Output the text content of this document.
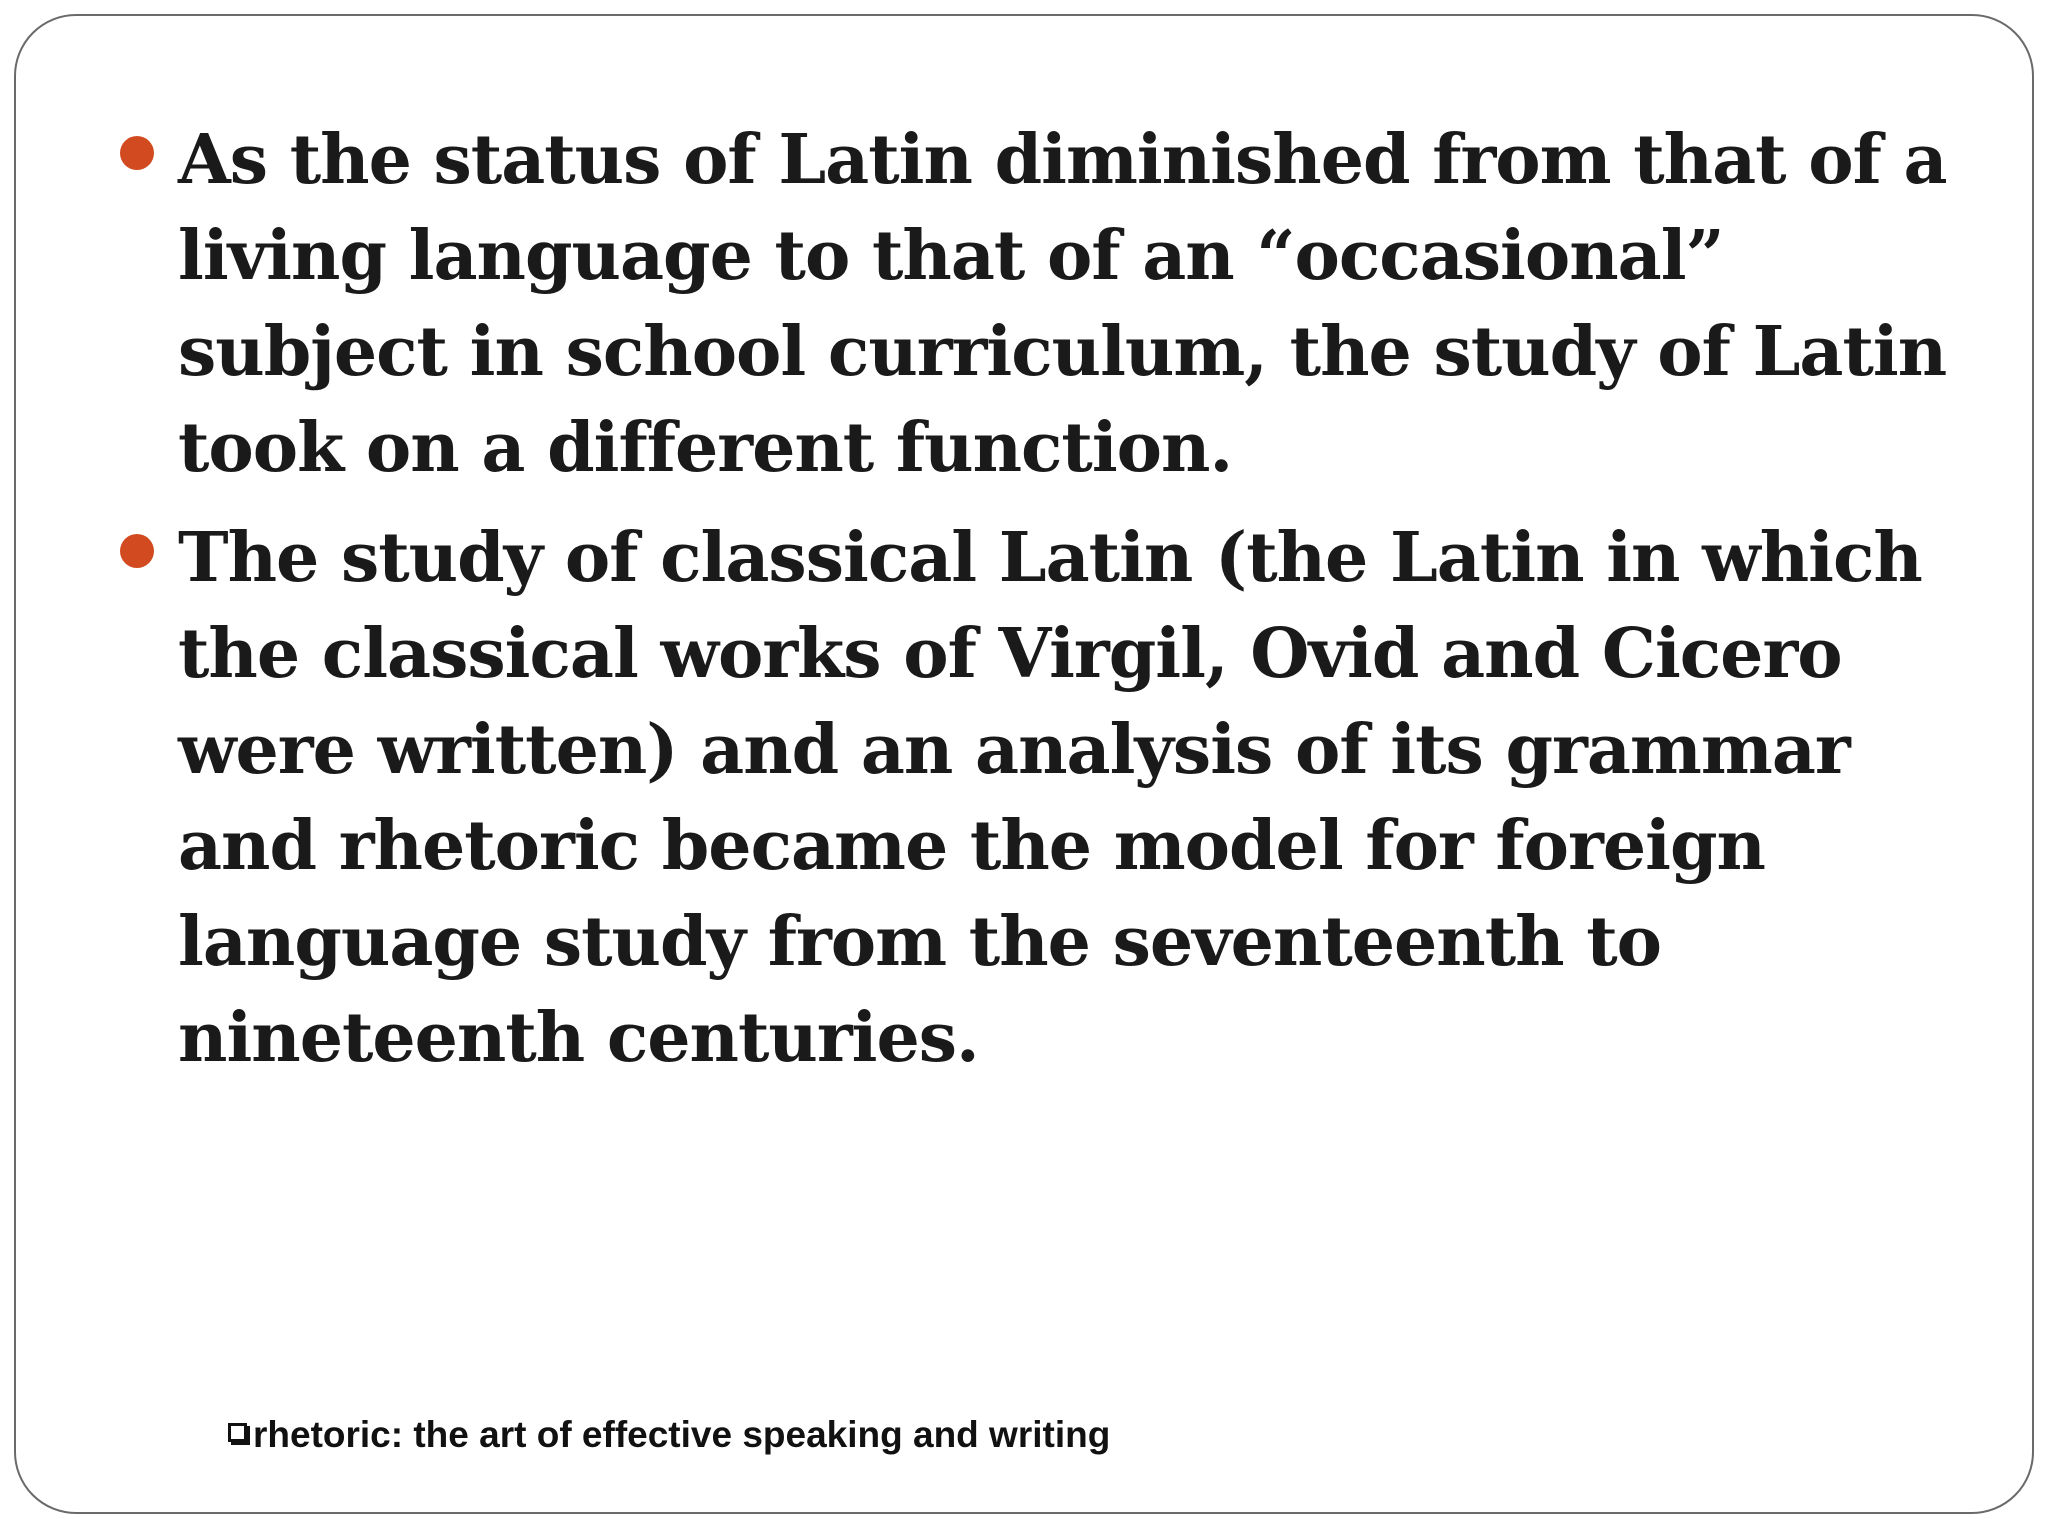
As the status of Latin diminished from that of a living language to that of an “occasional” subject in school curriculum, the study of Latin took on a different function.
The study of classical Latin (the Latin in which the classical works of Virgil, Ovid and Cicero were written) and an analysis of its grammar and rhetoric became the model for foreign language study from the seventeenth to nineteenth centuries.
rhetoric: the art of effective speaking and writing
